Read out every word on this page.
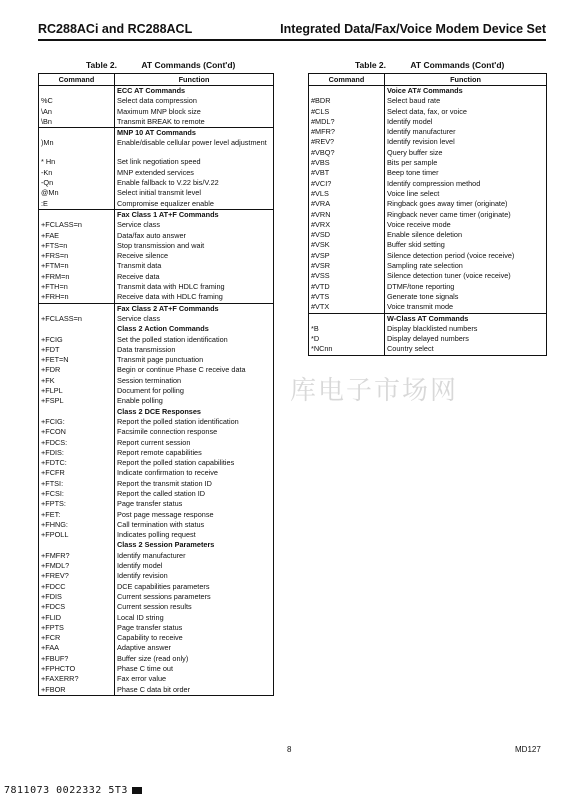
RC288ACi and RC288ACL	Integrated Data/Fax/Voice Modem Device Set
库电子市场网
Table 2.	AT Commands (Cont'd)
Command	Function
	ECC AT Commands
%C	Select data compression
\An	Maximum MNP block size
\Bn	Transmit BREAK to remote
	MNP 10 AT Commands
)Mn	Enable/disable cellular power level adjustment
* Hn	Set link negotiation speed
-Kn	MNP extended services
-Qn	Enable fallback to V.22 bis/V.22
@Mn	Select initial transmit level
:E	Compromise equalizer enable
	Fax Class 1 AT+F Commands
+FCLASS=n	Service class
+FAE	Data/fax auto answer
+FTS=n	Stop transmission and wait
+FRS=n	Receive silence
+FTM=n	Transmit data
+FRM=n	Receive data
+FTH=n	Transmit data with HDLC framing
+FRH=n	Receive data with HDLC framing
	Fax Class 2 AT+F Commands
+FCLASS=n	Service class
	Class 2 Action Commands
+FCIG	Set the polled station identification
+FDT	Data transmission
+FET=N	Transmit page punctuation
+FDR	Begin or continue Phase C receive data
+FK	Session termination
+FLPL	Document for polling
+FSPL	Enable polling
	Class 2 DCE Responses
+FCIG:	Report the polled station identification
+FCON	Facsimile connection response
+FDCS:	Report current session
+FDIS:	Report remote capabilities
+FDTC:	Report the polled station capabilities
+FCFR	Indicate confirmation to receive
+FTSI:	Report the transmit station ID
+FCSI:	Report the called station ID
+FPTS:	Page transfer status
+FET:	Post page message response
+FHNG:	Call termination with status
+FPOLL	Indicates polling request
	Class 2 Session Parameters
+FMFR?	Identify manufacturer
+FMDL?	Identify model
+FREV?	Identify revision
+FDCC	DCE capabilities parameters
+FDIS	Current sessions parameters
+FDCS	Current session results
+FLID	Local ID string
+FPTS	Page transfer status
+FCR	Capability to receive
+FAA	Adaptive answer
+FBUF?	Buffer size (read only)
+FPHCTO	Phase C time out
+FAXERR?	Fax error value
+FBOR	Phase C data bit order
Table 2.	AT Commands (Cont'd)
Command	Function
	Voice AT# Commands
#BDR	Select baud rate
#CLS	Select data, fax, or voice
#MDL?	Identify model
#MFR?	Identify manufacturer
#REV?	Identify revision level
#VBQ?	Query buffer size
#VBS	Bits per sample
#VBT	Beep tone timer
#VCI?	Identify compression method
#VLS	Voice line select
#VRA	Ringback goes away timer (originate)
#VRN	Ringback never came timer (originate)
#VRX	Voice receive mode
#VSD	Enable silence deletion
#VSK	Buffer skid setting
#VSP	Silence detection period (voice receive)
#VSR	Sampling rate selection
#VSS	Silence detection tuner (voice receive)
#VTD	DTMF/tone reporting
#VTS	Generate tone signals
#VTX	Voice transmit mode
	W-Class AT Commands
*B	Display blacklisted numbers
*D	Display delayed numbers
*NCnn	Country select
8	MD127
7811073 0022332 5T3
